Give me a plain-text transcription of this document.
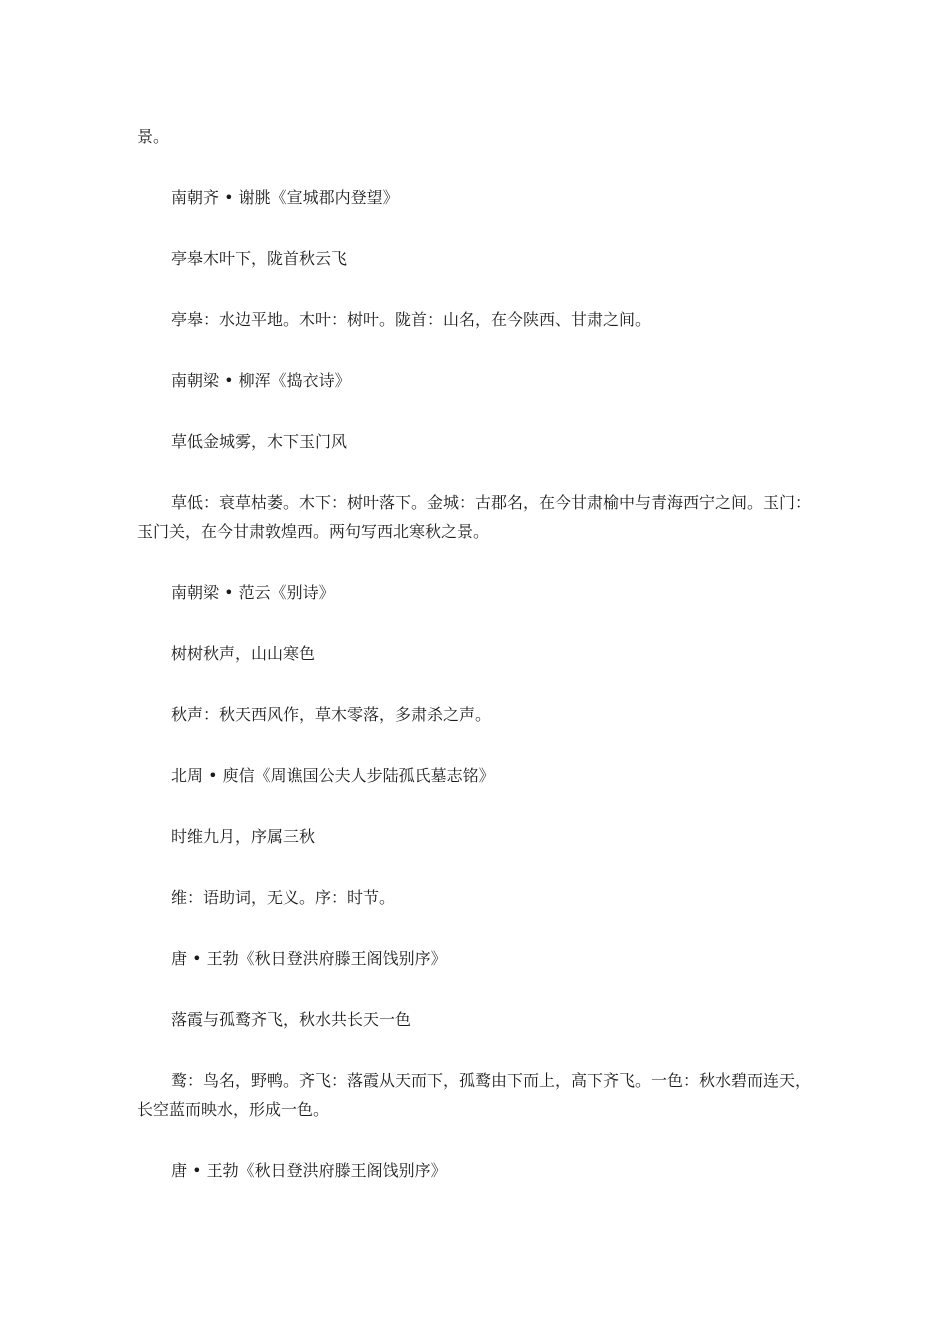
景。

南朝齐 • 谢朓《宣城郡内登望》

亭皋木叶下，陇首秋云飞

亭皋：水边平地。木叶：树叶。陇首：山名，在今陕西、甘肃之间。

南朝梁 • 柳浑《捣衣诗》

草低金城雾，木下玉门风

草低：衰草枯萎。木下：树叶落下。金城：古郡名，在今甘肃榆中与青海西宁之间。玉门：玉门关，在今甘肃敦煌西。两句写西北寒秋之景。

南朝梁 • 范云《别诗》

树树秋声，山山寒色

秋声：秋天西风作，草木零落，多肃杀之声。

北周 • 庾信《周谯国公夫人步陆孤氏墓志铭》

时维九月，序属三秋

维：语助词，无义。序：时节。

唐 • 王勃《秋日登洪府滕王阁饯别序》

落霞与孤鹜齐飞，秋水共长天一色

鹜：鸟名，野鸭。齐飞：落霞从天而下，孤鹜由下而上，高下齐飞。一色：秋水碧而连天，长空蓝而映水，形成一色。

唐 • 王勃《秋日登洪府滕王阁饯别序》
